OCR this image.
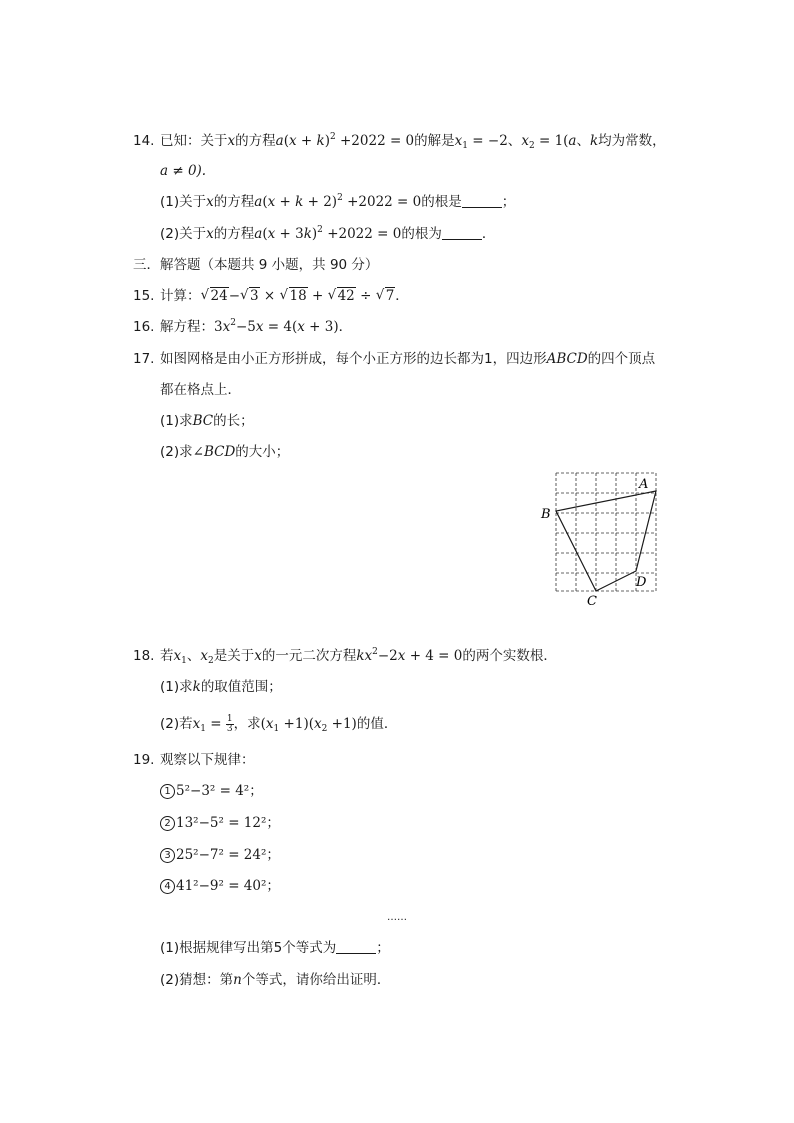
14. 已知：关于x的方程$a(x + k)^2 +2022 = 0$的解是$x_1 = -2$、$x_2 = 1(a$、k均为常数，
a ≠ 0).
(1)关于x的方程$a(x + k + 2)^2 +2022 = 0$的根是	；
(2)关于x的方程$a(x + 3k)^2 +2022 = 0$的根为	．
三．解答题（本题共 9 小题，共 90 分）
15. 计算： √ 24− √ 3 × √ 18 + √ 42 ÷ √ 7．
16. 解方程：$3x^2-5x = 4(x + 3)$．
17. 如图网格是由小正方形拼成，每个小正方形的边长都为1，四边形ABCD的四个顶点
都在格点上．
(1)求BC的长；
(2)求∠BCD的大小；
A
B
C
D
18. 若$x_1$、$x_2$是关于x的一元二次方程$kx^2-2x + 4 = 0$的两个实数根．
(1)求k的取值范围；
(2)若$x_1 = \frac{1}{3}$ ，求$(x_1 +1)(x_2 +1)$的值．
19. 观察以下规律：
1 5²−3² = 4²；
2 13²−5² = 12²；
3 25²−7² = 24²；
4 41²−9² = 40²；
……
(1)根据规律写出第5个等式为	；
(2)猜想：第n个等式，请你给出证明．
